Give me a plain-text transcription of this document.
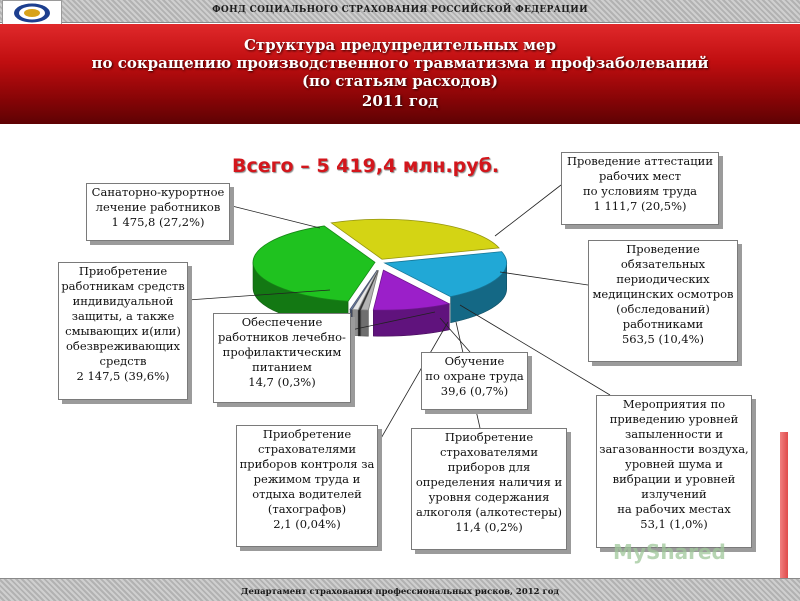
ФОНД СОЦИАЛЬНОГО СТРАХОВАНИЯ РОССИЙСКОЙ ФЕДЕРАЦИИ
Структура предупредительных мер
по сокращению производственного травматизма и профзаболеваний
(по статьям расходов)
2011 год
Всего – 5 419,4 млн.руб.
Санаторно-курортное
лечение работников
1 475,8 (27,2%)
Проведение аттестации
рабочих мест
по условиям труда
1 111,7 (20,5%)
Проведение
обязательных
периодических
медицинских осмотров
(обследований)
работниками
563,5 (10,4%)
Мероприятия по
приведению уровней
запыленности и
загазованности воздуха,
уровней шума и
вибрации и уровней
излучений
на рабочих местах
53,1 (1,0%)
Приобретение
страхователями
приборов для
определения наличия и
уровня содержания
алкоголя (алкотестеры)
11,4 (0,2%)
Приобретение
страхователями
приборов контроля за
режимом труда и
отдыха водителей
(тахографов)
2,1 (0,04%)
Обучение
по охране труда
39,6 (0,7%)
Обеспечение
работников лечебно-
профилактическим
питанием
14,7 (0,3%)
Приобретение
работникам средств
индивидуальной
защиты, а также
смывающих и(или)
обезвреживающих
средств
2 147,5 (39,6%)
MyShared
Департамент страхования профессиональных рисков, 2012 год
